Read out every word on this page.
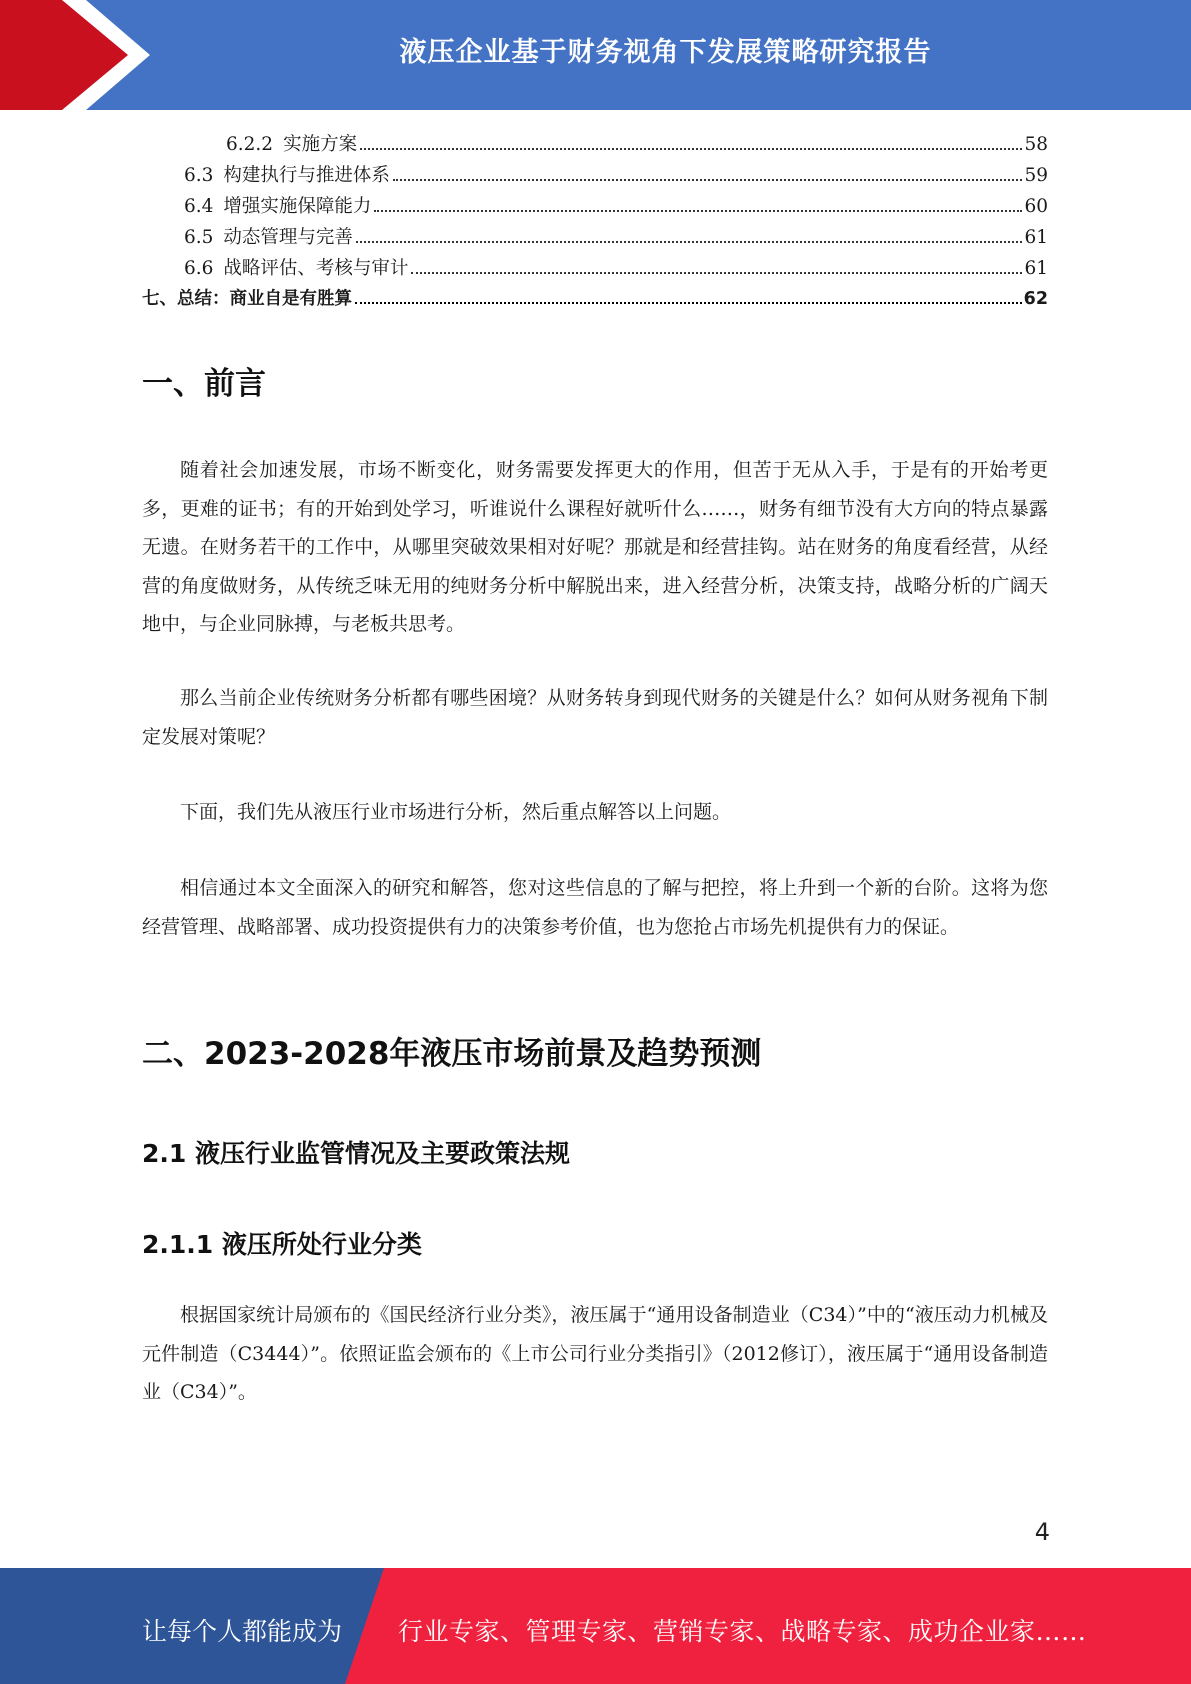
液压企业基于财务视角下发展策略研究报告
6.2.2 实施方案	58
6.3 构建执行与推进体系	59
6.4 增强实施保障能力	60
6.5 动态管理与完善	61
6.6 战略评估、考核与审计	61
七、总结：商业自是有胜算	62
一、前言

随着社会加速发展，市场不断变化，财务需要发挥更大的作用，但苦于无从入手，于是有的开始考更多，更难的证书；有的开始到处学习，听谁说什么课程好就听什么……，财务有细节没有大方向的特点暴露无遗。在财务若干的工作中，从哪里突破效果相对好呢？那就是和经营挂钩。站在财务的角度看经营，从经营的角度做财务，从传统乏味无用的纯财务分析中解脱出来，进入经营分析，决策支持，战略分析的广阔天地中，与企业同脉搏，与老板共思考。

那么当前企业传统财务分析都有哪些困境？从财务转身到现代财务的关键是什么？如何从财务视角下制定发展对策呢？

下面，我们先从液压行业市场进行分析，然后重点解答以上问题。

相信通过本文全面深入的研究和解答，您对这些信息的了解与把控，将上升到一个新的台阶。这将为您经营管理、战略部署、成功投资提供有力的决策参考价值，也为您抢占市场先机提供有力的保证。

二、2023-2028年液压市场前景及趋势预测
2.1 液压行业监管情况及主要政策法规
2.1.1 液压所处行业分类

根据国家统计局颁布的《国民经济行业分类》，液压属于“通用设备制造业（C34）”中的“液压动力机械及元件制造（C3444）”。依照证监会颁布的《上市公司行业分类指引》（2012修订），液压属于“通用设备制造业（C34）”。

4
让每个人都能成为 行业专家、管理专家、营销专家、战略专家、成功企业家……
